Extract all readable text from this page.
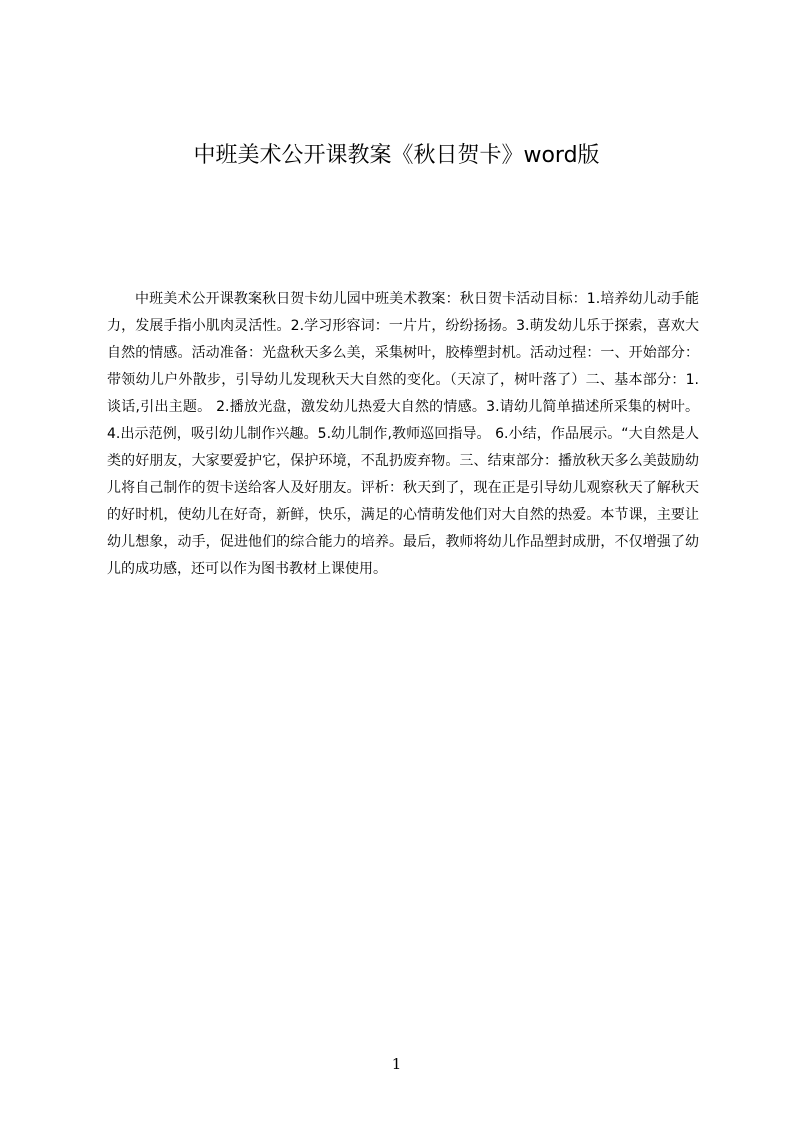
中班美术公开课教案《秋日贺卡》word版

中班美术公开课教案秋日贺卡幼儿园中班美术教案：秋日贺卡活动目标：1.培养幼儿动手能力，发展手指小肌肉灵活性。2.学习形容词：一片片，纷纷扬扬。3.萌发幼儿乐于探索，喜欢大自然的情感。活动准备：光盘秋天多么美，采集树叶，胶棒塑封机。活动过程：一、开始部分：带领幼儿户外散步，引导幼儿发现秋天大自然的变化。（天凉了，树叶落了）二、基本部分：1.谈话,引出主题。 2.播放光盘，激发幼儿热爱大自然的情感。3.请幼儿简单描述所采集的树叶。4.出示范例，吸引幼儿制作兴趣。5.幼儿制作,教师巡回指导。 6.小结，作品展示。“大自然是人类的好朋友，大家要爱护它，保护环境，不乱扔废弃物。三、结束部分：播放秋天多么美鼓励幼儿将自己制作的贺卡送给客人及好朋友。评析：秋天到了，现在正是引导幼儿观察秋天了解秋天的好时机，使幼儿在好奇，新鲜，快乐，满足的心情萌发他们对大自然的热爱。本节课，主要让幼儿想象，动手，促进他们的综合能力的培养。最后，教师将幼儿作品塑封成册，不仅增强了幼儿的成功感，还可以作为图书教材上课使用。

1
